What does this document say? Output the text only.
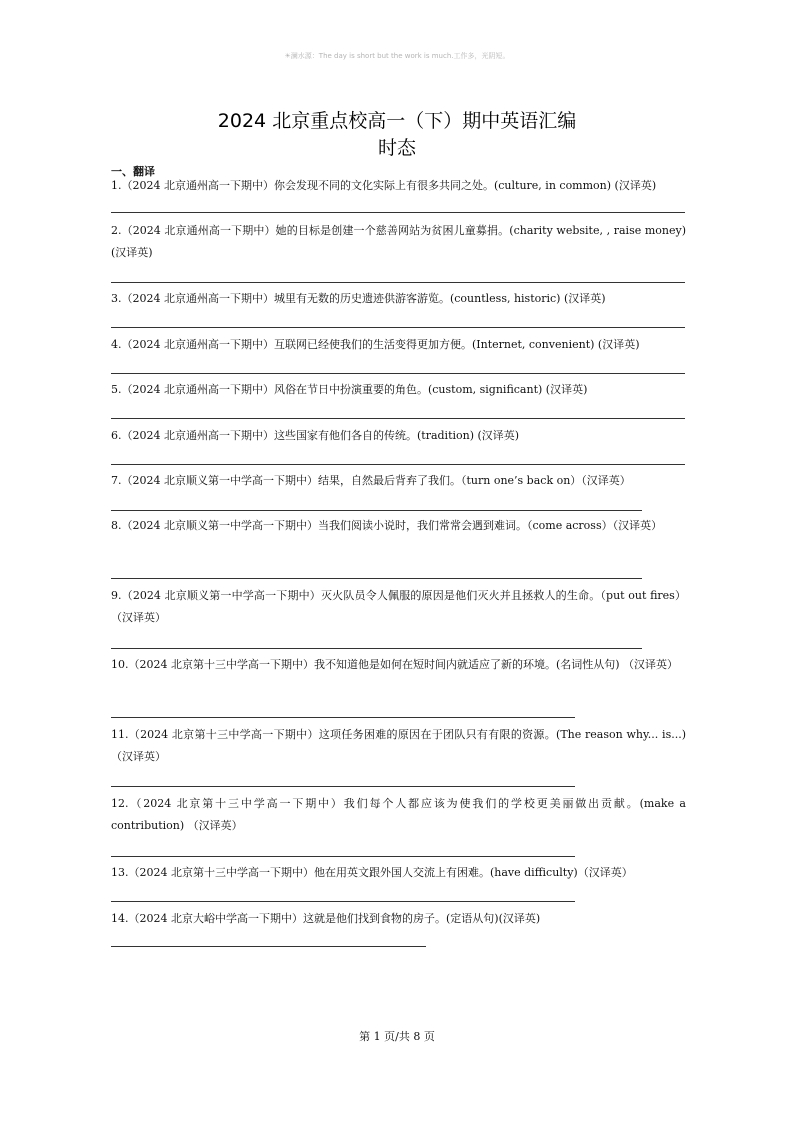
☀澜水源：The day is short but the work is much.工作多，光阴短。
2024 北京重点校高一（下）期中英语汇编
时态
一、翻译
1.（2024 北京通州高一下期中）你会发现不同的文化实际上有很多共同之处。(culture, in common) (汉译英)
2.（2024 北京通州高一下期中）她的目标是创建一个慈善网站为贫困儿童募捐。(charity website, , raise money) (汉译英)
3.（2024 北京通州高一下期中）城里有无数的历史遗迹供游客游览。(countless, historic) (汉译英)
4.（2024 北京通州高一下期中）互联网已经使我们的生活变得更加方便。(Internet, convenient) (汉译英)
5.（2024 北京通州高一下期中）风俗在节日中扮演重要的角色。(custom, significant) (汉译英)
6.（2024 北京通州高一下期中）这些国家有他们各自的传统。(tradition) (汉译英)
7.（2024 北京顺义第一中学高一下期中）结果，自然最后背弃了我们。（turn one’s back on）（汉译英）
8.（2024 北京顺义第一中学高一下期中）当我们阅读小说时，我们常常会遇到难词。（come across）（汉译英）
9.（2024 北京顺义第一中学高一下期中）灭火队员令人佩服的原因是他们灭火并且拯救人的生命。（put out fires）（汉译英）
10.（2024 北京第十三中学高一下期中）我不知道他是如何在短时间内就适应了新的环境。(名词性从句) （汉译英）
11.（2024 北京第十三中学高一下期中）这项任务困难的原因在于团队只有有限的资源。(The reason why... is...) （汉译英）
12.（2024 北京第十三中学高一下期中）我们每个人都应该为使我们的学校更美丽做出贡献。(make a contribution) （汉译英）
13.（2024 北京第十三中学高一下期中）他在用英文跟外国人交流上有困难。(have difficulty)（汉译英）
14.（2024 北京大峪中学高一下期中）这就是他们找到食物的房子。(定语从句)(汉译英)
第 1 页/共 8 页
